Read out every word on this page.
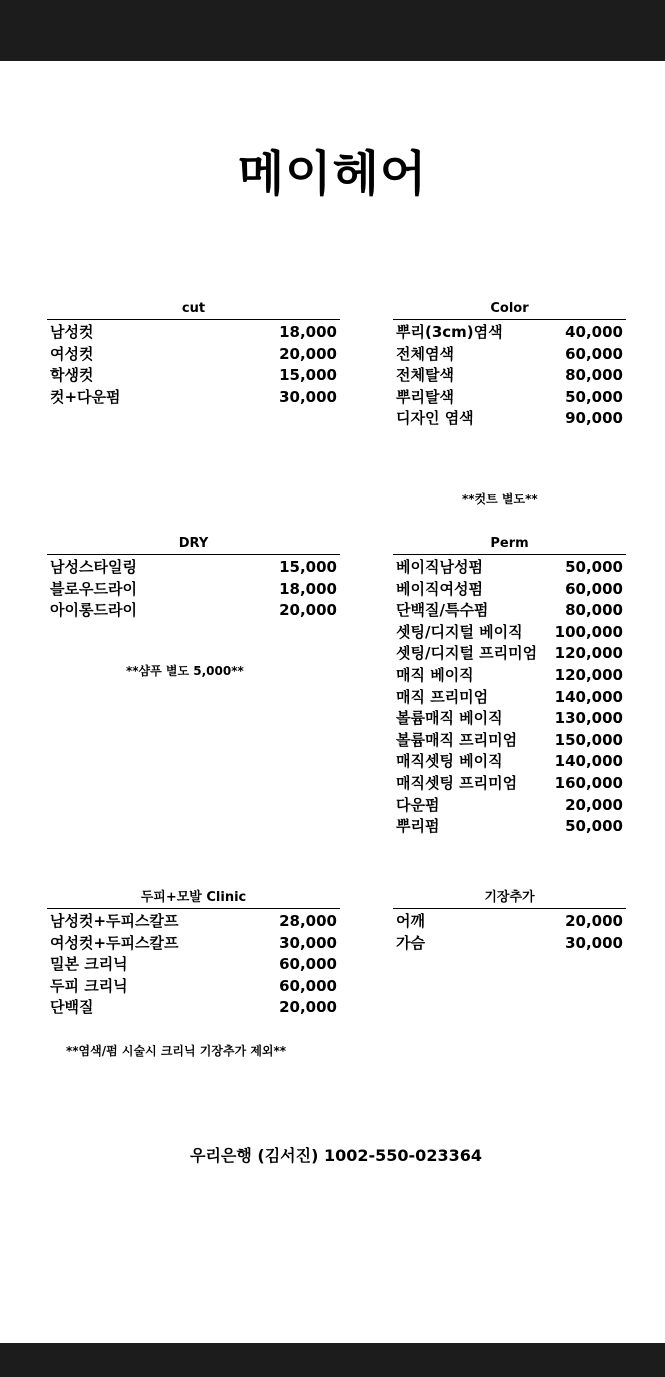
메이헤어
cut
남성컷	18,000
여성컷	20,000
학생컷	15,000
컷+다운펌	30,000
Color
뿌리(3cm)염색	40,000
전체염색	60,000
전체탈색	80,000
뿌리탈색	50,000
디자인 염색	90,000
**컷트 별도**
DRY
남성스타일링	15,000
블로우드라이	18,000
아이롱드라이	20,000
**샴푸 별도 5,000**
Perm
베이직남성펌	50,000
베이직여성펌	60,000
단백질/특수펌	80,000
셋팅/디지털 베이직 100,000
셋팅/디지털 프리미엄 120,000
매직 베이직	120,000
매직 프리미엄	140,000
볼륨매직 베이직	130,000
볼륨매직 프리미엄	150,000
매직셋팅 베이직	140,000
매직셋팅 프리미엄	160,000
다운펌	20,000
뿌리펌	50,000
두피+모발 Clinic
남성컷+두피스칼프	28,000
여성컷+두피스칼프	30,000
밀본 크리닉	60,000
두피 크리닉	60,000
단백질	20,000
**염색/펌 시술시 크리닉 기장추가 제외**
기장추가
어깨	20,000
가슴	30,000
우리은행 (김서진) 1002-550-023364
